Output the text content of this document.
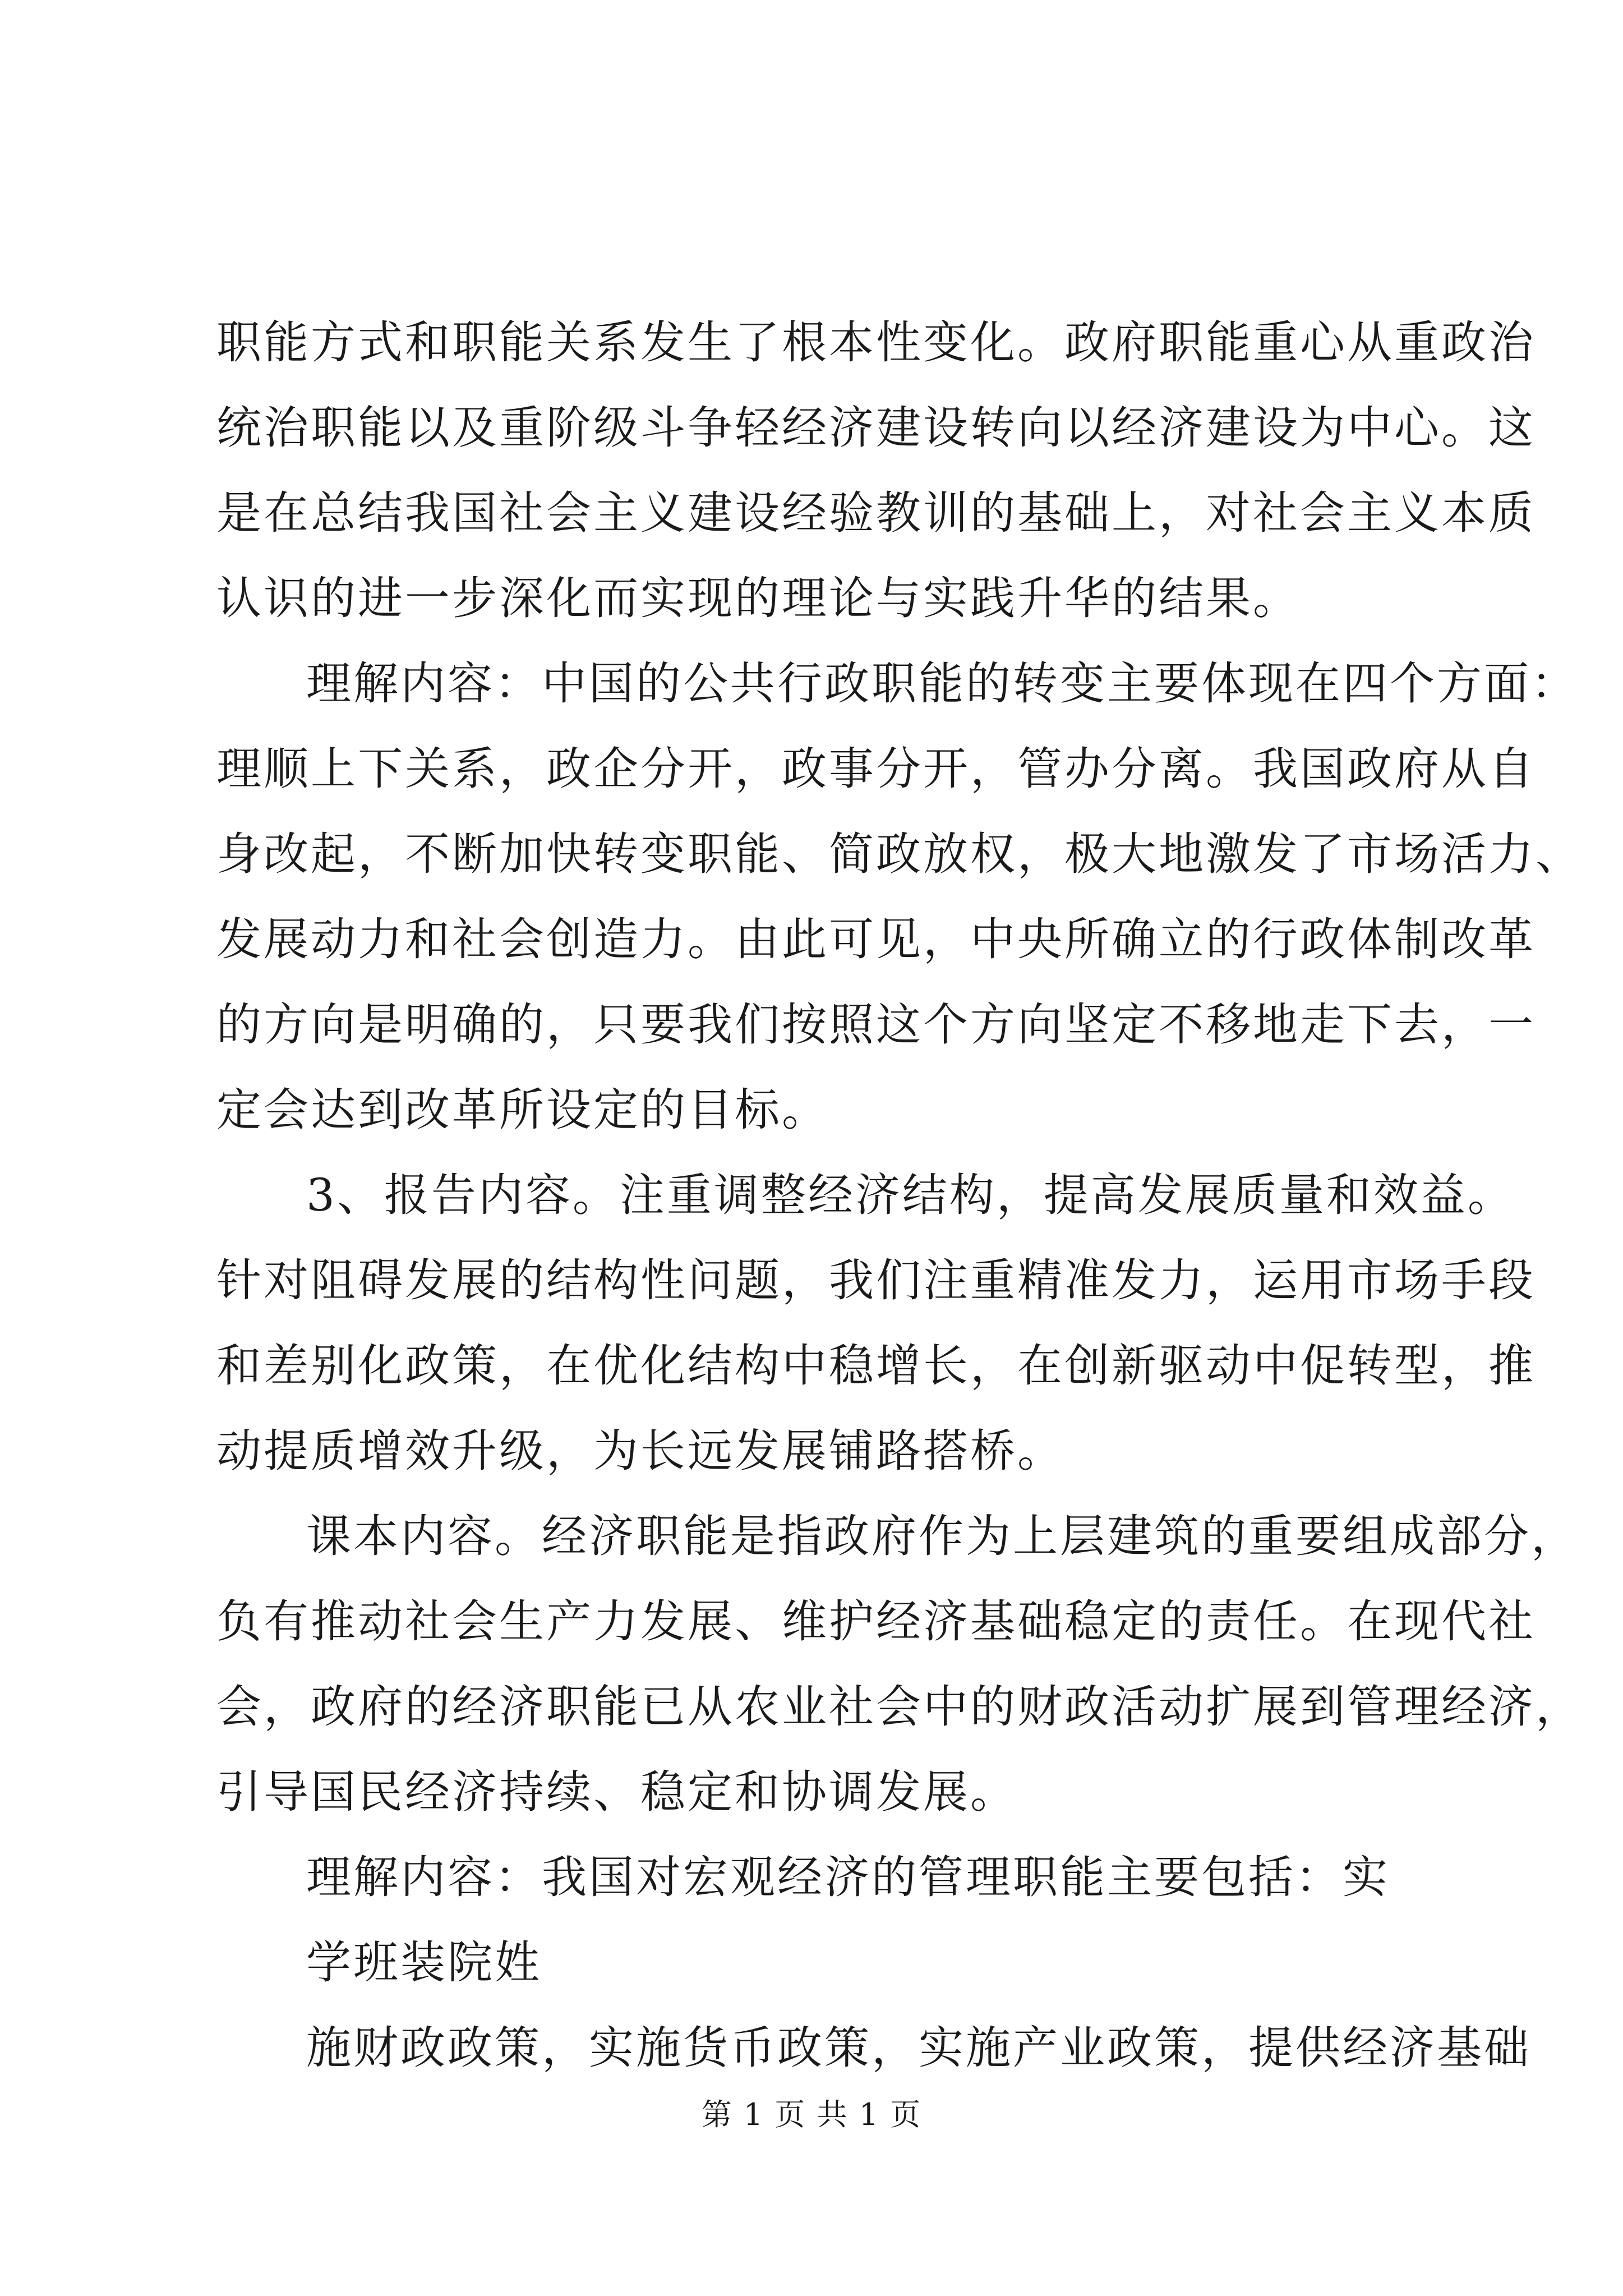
职能方式和职能关系发生了根本性变化。政府职能重心从重政治
统治职能以及重阶级斗争轻经济建设转向以经济建设为中心。这
是在总结我国社会主义建设经验教训的基础上，对社会主义本质
认识的进一步深化而实现的理论与实践升华的结果。
理解内容：中国的公共行政职能的转变主要体现在四个方面：
理顺上下关系，政企分开，政事分开，管办分离。我国政府从自
身改起，不断加快转变职能、简政放权，极大地激发了市场活力、
发展动力和社会创造力。由此可见，中央所确立的行政体制改革
的方向是明确的，只要我们按照这个方向坚定不移地走下去，一
定会达到改革所设定的目标。
3、报告内容。注重调整经济结构，提高发展质量和效益。
针对阻碍发展的结构性问题，我们注重精准发力，运用市场手段
和差别化政策，在优化结构中稳增长，在创新驱动中促转型，推
动提质增效升级，为长远发展铺路搭桥。
课本内容。经济职能是指政府作为上层建筑的重要组成部分，
负有推动社会生产力发展、维护经济基础稳定的责任。在现代社
会，政府的经济职能已从农业社会中的财政活动扩展到管理经济，
引导国民经济持续、稳定和协调发展。
理解内容：我国对宏观经济的管理职能主要包括：实
学班装院姓
施财政政策，实施货币政策，实施产业政策，提供经济基础
第 1 页 共 1 页
